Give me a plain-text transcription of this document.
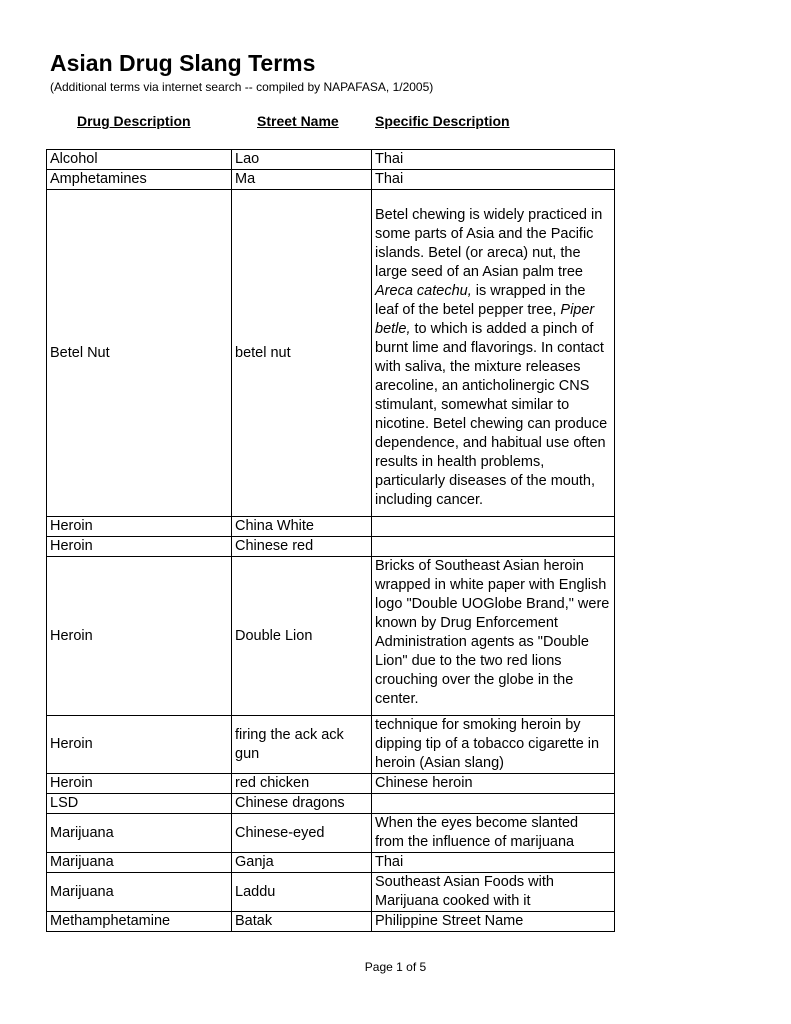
Asian Drug Slang Terms
(Additional terms via internet search -- compiled by NAPAFASA, 1/2005)
Drug Description	Street Name	Specific Description
Alcohol	Lao	Thai
Amphetamines	Ma	Thai
Betel Nut	betel nut	Betel chewing is widely practiced in some parts of Asia and the Pacific islands. Betel (or areca) nut, the large seed of an Asian palm tree Areca catechu, is wrapped in the leaf of the betel pepper tree, Piper betle, to which is added a pinch of burnt lime and flavorings. In contact with saliva, the mixture releases arecoline, an anticholinergic CNS stimulant, somewhat similar to nicotine. Betel chewing can produce dependence, and habitual use often results in health problems, particularly diseases of the mouth, including cancer.

Heroin	China White	
Heroin	Chinese red	
Heroin	Double Lion	Bricks of Southeast Asian heroin wrapped in white paper with English logo "Double UOGlobe Brand," were known by Drug Enforcement Administration agents as "Double Lion" due to the two red lions crouching over the globe in the center.

Heroin	firing the ack ack gun	technique for smoking heroin by dipping tip of a tobacco cigarette in heroin (Asian slang)
Heroin	red chicken	Chinese heroin
LSD	Chinese dragons	
Marijuana	Chinese-eyed	When the eyes become slanted from the influence of marijuana
Marijuana	Ganja	Thai
Marijuana	Laddu	Southeast Asian Foods with Marijuana cooked with it
Methamphetamine	Batak	Philippine Street Name
Page 1 of 5
